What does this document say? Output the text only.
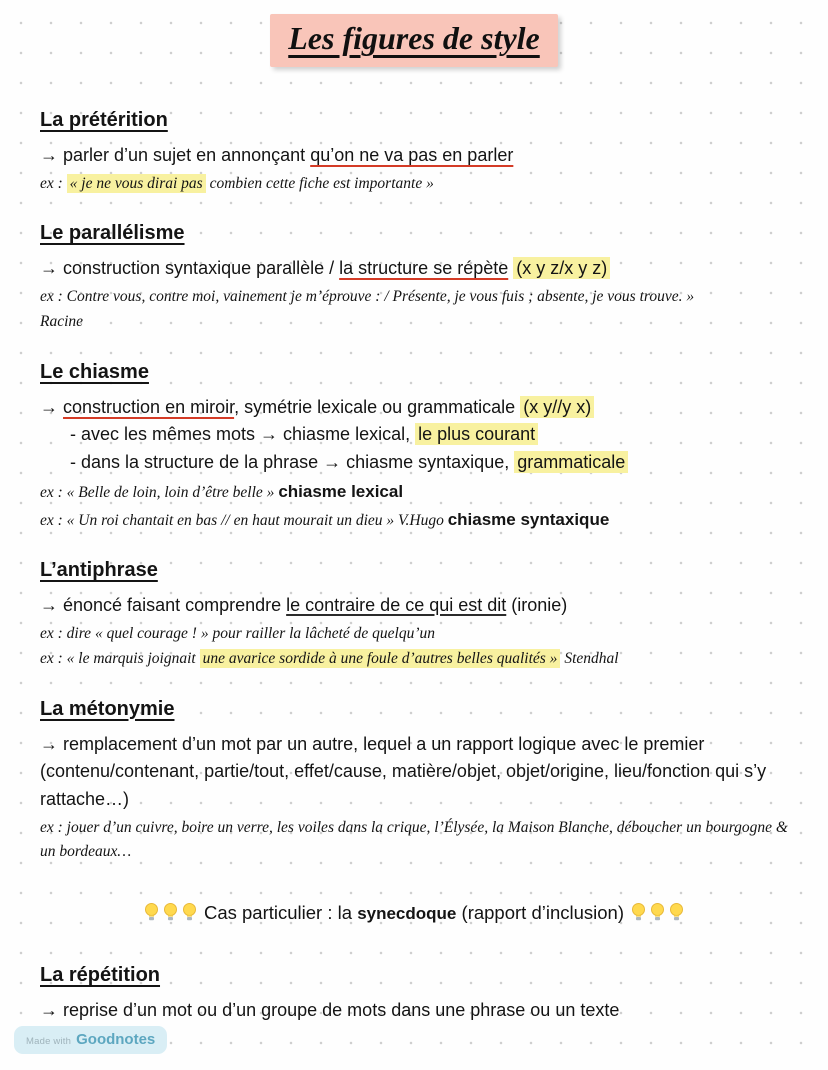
Les figures de style
La prétérition
→ parler d’un sujet en annonçant qu’on ne va pas en parler
ex : « je ne vous dirai pas combien cette fiche est importante »
Le parallélisme
→ construction syntaxique parallèle / la structure se répète (x y z/x y z)
ex : Contre vous, contre moi, vainement je m’éprouve : / Présente, je vous fuis ; absente, je vous trouve. »
Racine
Le chiasme
→ construction en miroir, symétrie lexicale ou grammaticale (x y//y x)
- avec les mêmes mots → chiasme lexical, le plus courant
- dans la structure de la phrase → chiasme syntaxique, grammaticale
ex : « Belle de loin, loin d’être belle » chiasme lexical
ex : « Un roi chantait en bas // en haut mourait un dieu » V.Hugo chiasme syntaxique
L’antiphrase
→ énoncé faisant comprendre le contraire de ce qui est dit (ironie)
ex : dire « quel courage ! » pour railler la lâcheté de quelqu’un
ex : « le marquis joignait une avarice sordide à une foule d’autres belles qualités » Stendhal
La métonymie
→ remplacement d’un mot par un autre, lequel a un rapport logique avec le premier (contenu/contenant, partie/tout, effet/cause, matière/objet, objet/origine, lieu/fonction qui s’y rattache…)
ex : jouer d’un cuivre, boire un verre, les voiles dans la crique, l’Élysée, la Maison Blanche, déboucher un bourgogne & un bordeaux…
Cas particulier : la synecdoque (rapport d’inclusion)
La répétition
→ reprise d’un mot ou d’un groupe de mots dans une phrase ou un texte
Made with Goodnotes
